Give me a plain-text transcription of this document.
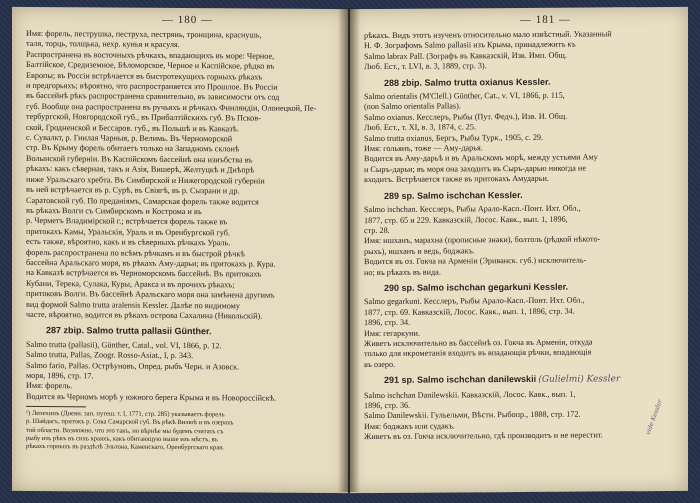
— 180 —
Имя: форель, пеструшка, пеструха, пестрянь, тронщина, краснушь,
таля, торць, толщька, нехр. кунья и красуля.
Распространена въ восточныхъ рѣчкахъ, впадающихъ въ море: Черное,
Балтійское, Средиземное, Бѣломорское, Черное и Каспійское, рѣдко въ
Европы; въ Россіи встрѣчается въ быстротекущихъ горныхъ рѣкахъ
и предгорьяхъ; вѣроятно, что распространяется это Прошлое. Въ Россіи
въ бассейнѣ рѣкъ распространена сравнительно, въ зависимости отъ сод
губ. Вообще она распространена въ ручьяхъ и рѣчкахъ Финляндіи, Олонецкой, Пе-
тербургской, Новгородской губ., въ Прибалтійскихъ губ. Въ Псков-
ской, Гродненской и Бессаров. губ., въ Польшѣ и въ Кавказѣ.
с. Сувалкт, р. Гнилая Чарныя, р. Велимь. Въ Черноморской
стр. Въ Крыму форель обитаетъ только на Западномъ склонѣ
Волынской губерніи. Въ Каспійскомъ бассейнѣ она изиъбства въ
рѣкахъ: какъ сѣверная, такъ и Азія, Вишерѣ, Желтуцкѣ и Днѣпрѣ
ниже Уральскаго хребта. Въ Симбирской и Нижегородской губерніи
въ ней встрѣчается въ р. Сурѣ, въ Свіягѣ, въ р. Сызрани и др.
Саратовской губ. По преданіямъ, Самарская форель также водится
въ рѣкахъ Волги съ Симбирскомъ и Кострома и въ
р. Черметъ Владимірской г.; встрѣчается форель также въ
притокахъ Камы, Уральскія, Ураль и въ Оренбургской губ.
есть также, вѣроятно, какъ и въ сѣверныхъ рѣчкахъ Ураль.
форель распространена по всѣмъ рѣчкамъ и въ быстрой рѣчкѣ
бассейна Аральскаго моря, въ рѣкахъ Аму-дарьи; въ притокахъ р. Кура.
на Кавказѣ встрѣчается въ Черноморскомъ бассейнѣ. Въ притокахъ
Кубани, Терека, Сулака, Куры, Аракса и въ прочихъ рѣкахъ;
притоковъ Волги. Въ бассейнѣ Аральскаго моря она замѣнена другимъ
вид формой Salmo trutta aralensis Kessler. Далѣе по видимому
часте, вѣроятно, водится въ рѣкахъ острова Сахалина (Никольскій).
287 zbiр. Salmo trutta pallasii Günther.
Salmo trutta (pallasii), Günther, Catal., vol. VI, 1866, р. 12.
Salmo trutta, Pallas, Zoogr. Rosso-Asiat., I, р. 343.
Salmo fario, Pallas. Острѣуновъ, Опред. рыбъ Черн. и Азовск.
моря, 1896, стр. 17.
Имя: форель.
Водится въ Черномъ морѣ у южного берега Крыма и въ Новороссійскѣ.
¹) Лепехинъ (Дневн. зап. путеш. т. I, 1771, стр. 285) указываетъ форель
р. Шайдагъ, притокъ р. Сока Самарской губ. Въ рѣкѣ Вилюѣ и въ озерахъ
той области. Возможно, что это такъ, но вѣрнѣе мы будемъ считать съ
рыбу изъ рѣкъ въ сихъ краяхъ, какъ обитающую выше изъ мѣстъ, въ
рѣкахъ горныхъ въ раздѣлѣ Эльтона, Каменскаго, Оренбургскаго края.
— 181 —
рѣкахъ. Видъ этотъ изученъ относительно мало извѣстный. Указанный
Н. Ф. Зографомъ Salmo pallasii изъ Крыма, принадлежитъ къ
Salmo labrax Pall. (Зографъ въ Кавказскій, Изв. Имп. Общ.
Люб. Ест., т. LVI, в. 3, 1889, стр. 3).
288 zbiр. Salmo trutta oxianus Kessler.
Salmo orientalis (M'Clell.) Günther, Cat., v. VI, 1866, р. 115,
(non Salmo orientalis Pallas).
Salmo oxianus. Кесслеръ, Рыбы (Пут. Федч.), Изв. И. Общ.
Люб. Ест., т. XI, в. 3, 1874, с. 25.
Salmo trutta oxianus, Бергъ, Рыбы Турк., 1905, с. 29.
Имя: гольянъ, тоже — Аму-дарья.
Водится въ Аму-дарьѣ и въ Аральскомъ морѣ, между устьями Аму
и Сыръ-дарьи; въ моря она заходитъ въ Сыръ-дарью никогда не
входитъ. Встрѣчается также въ притокахъ Амударьи.
289 sp. Salmo ischchan Kessler.
Salmo ischchan. Кесслеръ, Рыбы Арало-Касп.-Понт. Ихт. Обл.,
1877, стр. 65 и 229. Кавказскій, Лосос. Кавк., вып. 1, 1896,
стр. 28.
Имя: ишханъ, марахна (прописные знаки), болтоль (рѣдкой нѣкото-
рыхъ), ишханъ и ведь, боджакъ.
Водится въ оз. Гокча на Арменіи (Эриванск. губ.) исключитель-
но; въ рѣкахъ въ вида.
290 sp. Salmo ischchan gegarkuni Kessler.
Salmo gegarkuni. Кесслеръ, Рыбы Арало-Касп.-Понт. Ихт. Обл.,
1877, стр. 69. Кавказскій, Лосос. Кавк., вып. 1, 1896, стр. 34.
1896, стр. 34.
Имя: гегаркуни.
Живетъ исключительно въ бассейнѣ оз. Гокча въ Арменіи, откуда
только для икрометанія входитъ въ впадающія рѣчки, впадающія
въ озеро.
291 sp. Salmo ischchan danilewskii (Gulielmi) Kessler
Salmo ischchan Danilewskii. Кавказскій, Лосос. Кавк., вып. 1,
1896, стр. 36.
Salmo Danilewskii. Гульельми, Вѣстн. Рыбопр., 1888, стр. 172.
Имя: боджакъ или судакъ.
Живетъ въ оз. Гокча исключительно, гдѣ производитъ и не нерестит.
vide Kessler
